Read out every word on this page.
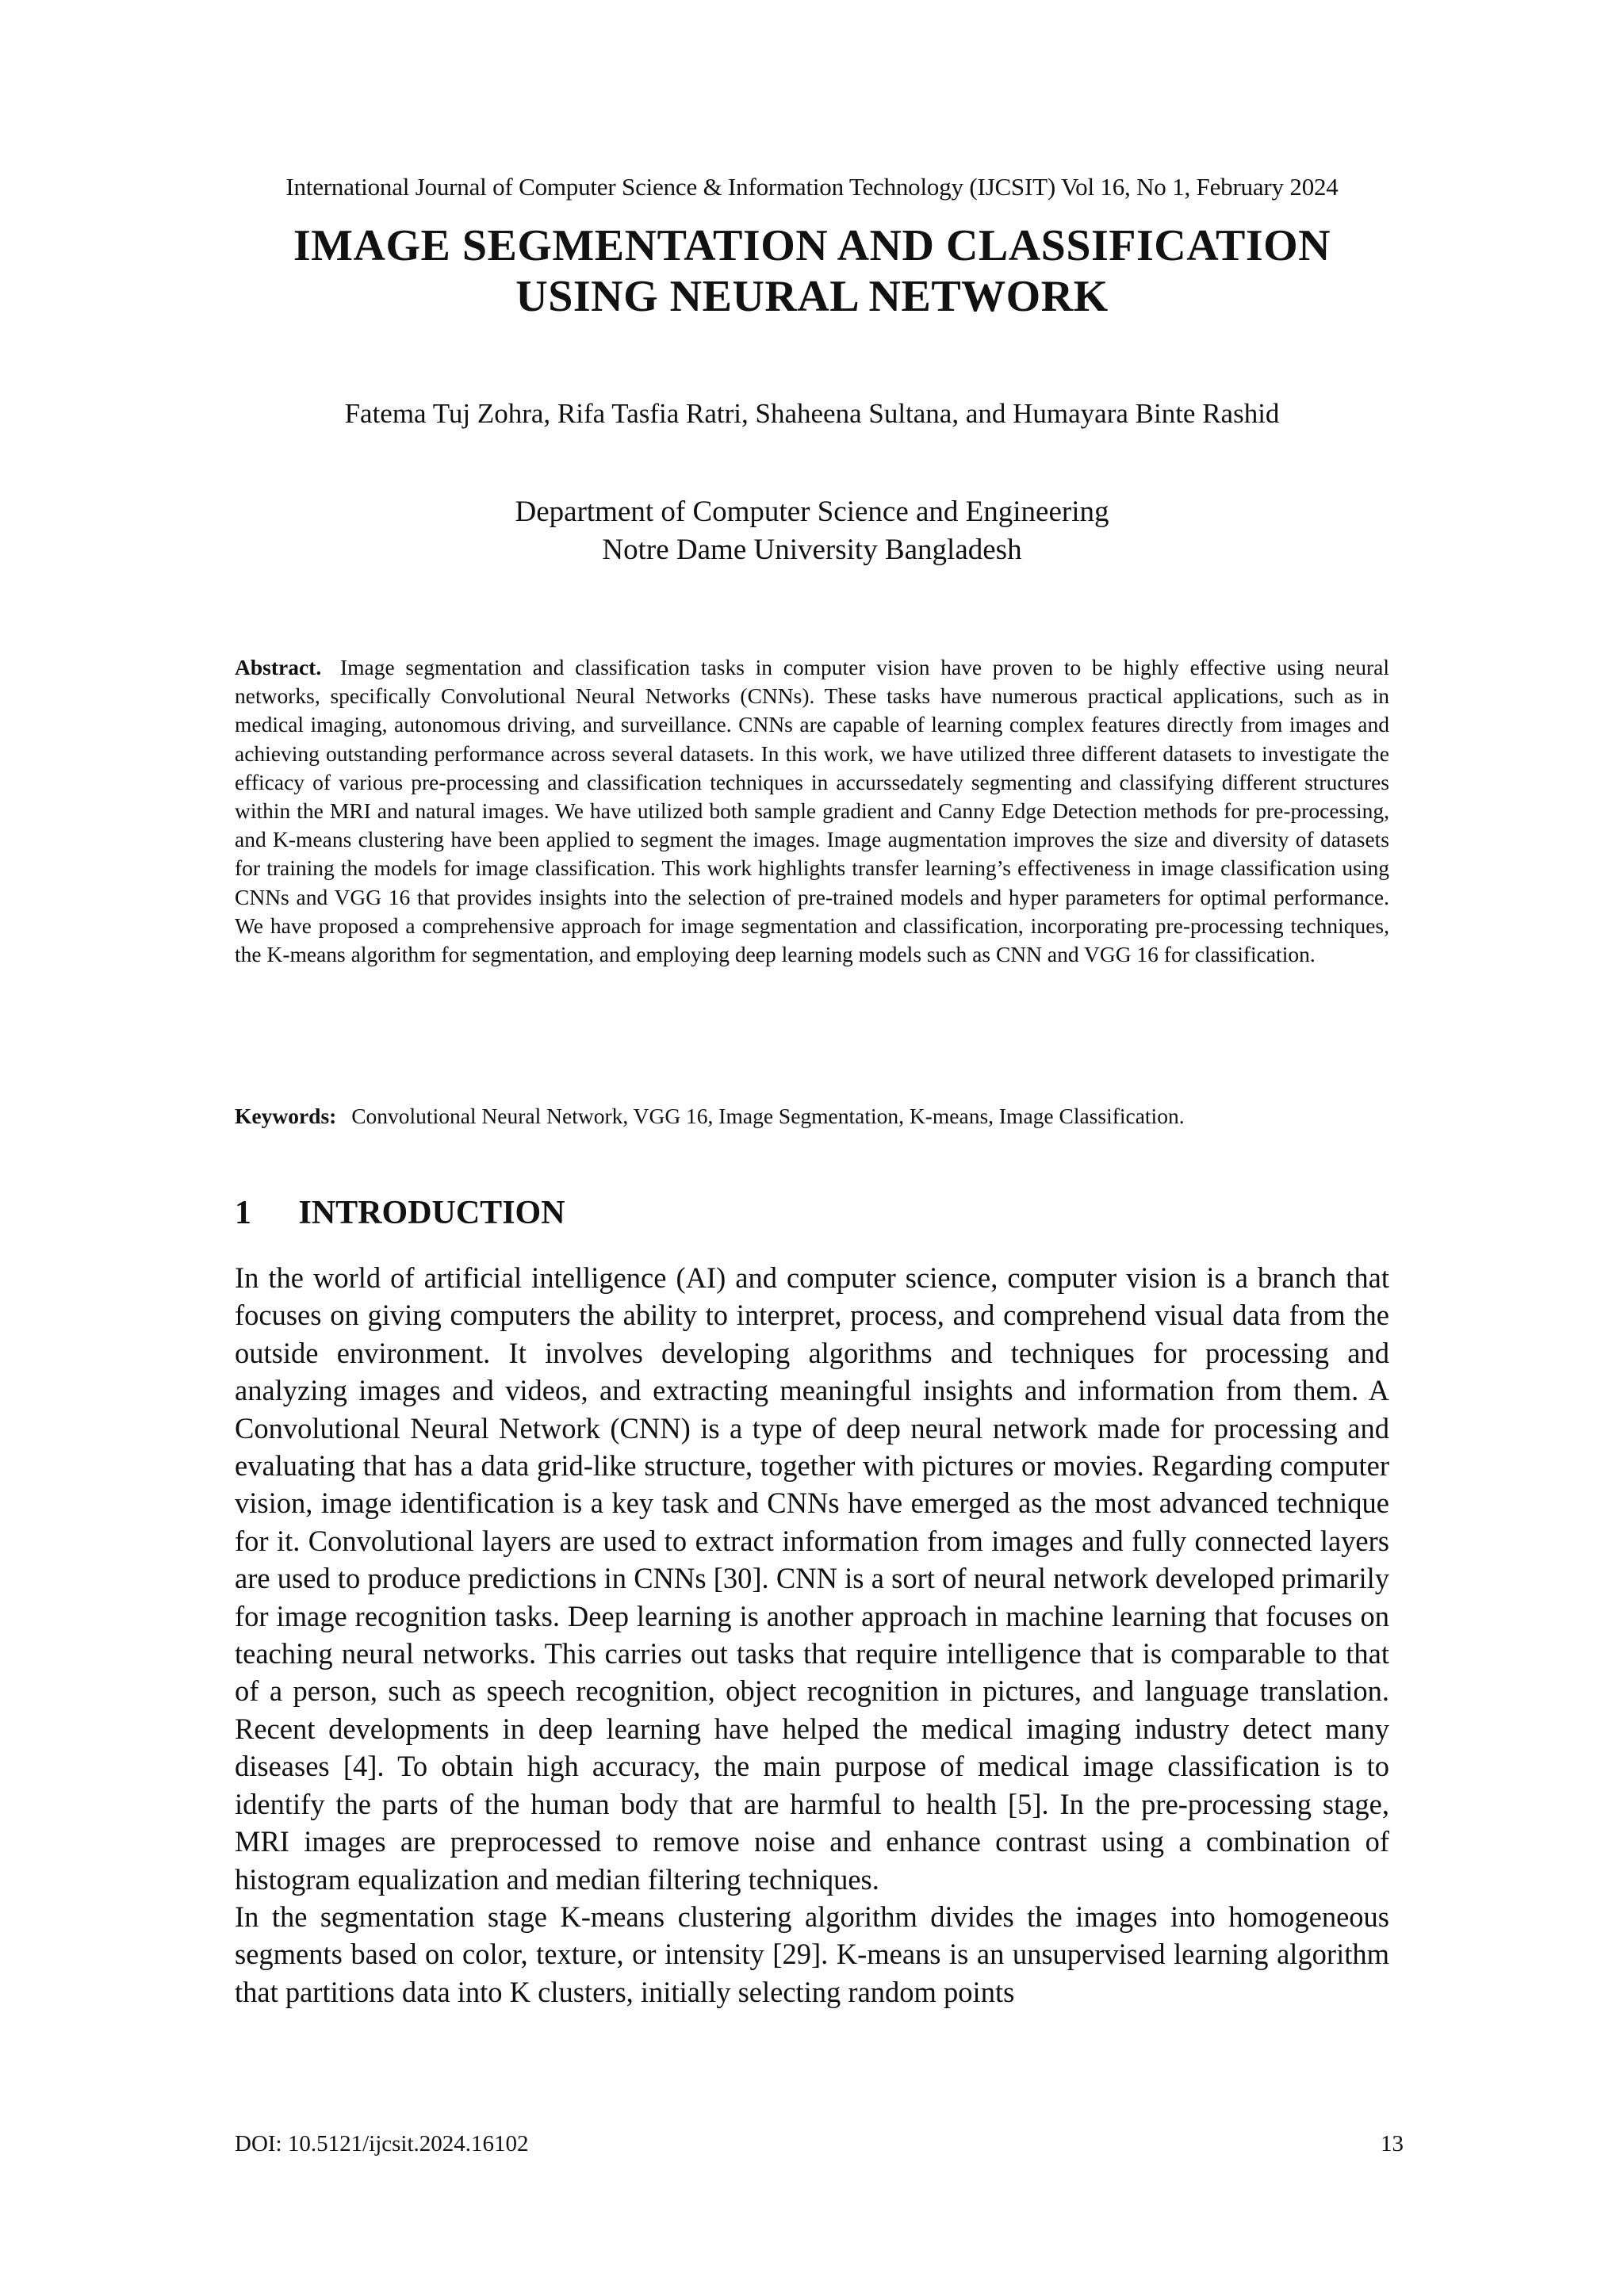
International Journal of Computer Science & Information Technology (IJCSIT) Vol 16, No 1, February 2024
IMAGE SEGMENTATION AND CLASSIFICATION
USING NEURAL NETWORK
Fatema Tuj Zohra, Rifa Tasfia Ratri, Shaheena Sultana, and Humayara Binte Rashid
Department of Computer Science and Engineering
Notre Dame University Bangladesh
Abstract. Image segmentation and classification tasks in computer vision have proven to be highly effective using neural networks, specifically Convolutional Neural Networks (CNNs). These tasks have numerous practical applications, such as in medical imaging, autonomous driving, and surveillance. CNNs are capable of learning complex features directly from images and achieving outstanding performance across several datasets. In this work, we have utilized three different datasets to investigate the efficacy of various pre-processing and classification techniques in accurssedately segmenting and classifying different structures within the MRI and natural images. We have utilized both sample gradient and Canny Edge Detection methods for pre-processing, and K-means clustering have been applied to segment the images. Image augmentation improves the size and diversity of datasets for training the models for image classification. This work highlights transfer learning’s effectiveness in image classification using CNNs and VGG 16 that provides insights into the selection of pre-trained models and hyper parameters for optimal performance. We have proposed a comprehensive approach for image segmentation and classification, incorporating pre-processing techniques, the K-means algorithm for segmentation, and employing deep learning models such as CNN and VGG 16 for classification.
Keywords: Convolutional Neural Network, VGG 16, Image Segmentation, K-means, Image Classification.
1 INTRODUCTION

In the world of artificial intelligence (AI) and computer science, computer vision is a branch that focuses on giving computers the ability to interpret, process, and comprehend visual data from the outside environment. It involves developing algorithms and techniques for processing and analyzing images and videos, and extracting meaningful insights and information from them. A Convolutional Neural Network (CNN) is a type of deep neural network made for processing and evaluating that has a data grid-like structure, together with pictures or movies. Regarding computer vision, image identification is a key task and CNNs have emerged as the most advanced technique for it. Convolutional layers are used to extract information from images and fully connected layers are used to produce predictions in CNNs [30]. CNN is a sort of neural network developed primarily for image recognition tasks. Deep learning is another approach in machine learning that focuses on teaching neural networks. This carries out tasks that require intelligence that is comparable to that of a person, such as speech recognition, object recognition in pictures, and language translation. Recent developments in deep learning have helped the medical imaging industry detect many diseases [4]. To obtain high accuracy, the main purpose of medical image classification is to identify the parts of the human body that are harmful to health [5]. In the pre-processing stage, MRI images are preprocessed to remove noise and enhance contrast using a combination of histogram equalization and median filtering techniques.

In the segmentation stage K-means clustering algorithm divides the images into homogeneous segments based on color, texture, or intensity [29]. K-means is an unsupervised learning algorithm that partitions data into K clusters, initially selecting random points

DOI: 10.5121/ijcsit.2024.16102	13
